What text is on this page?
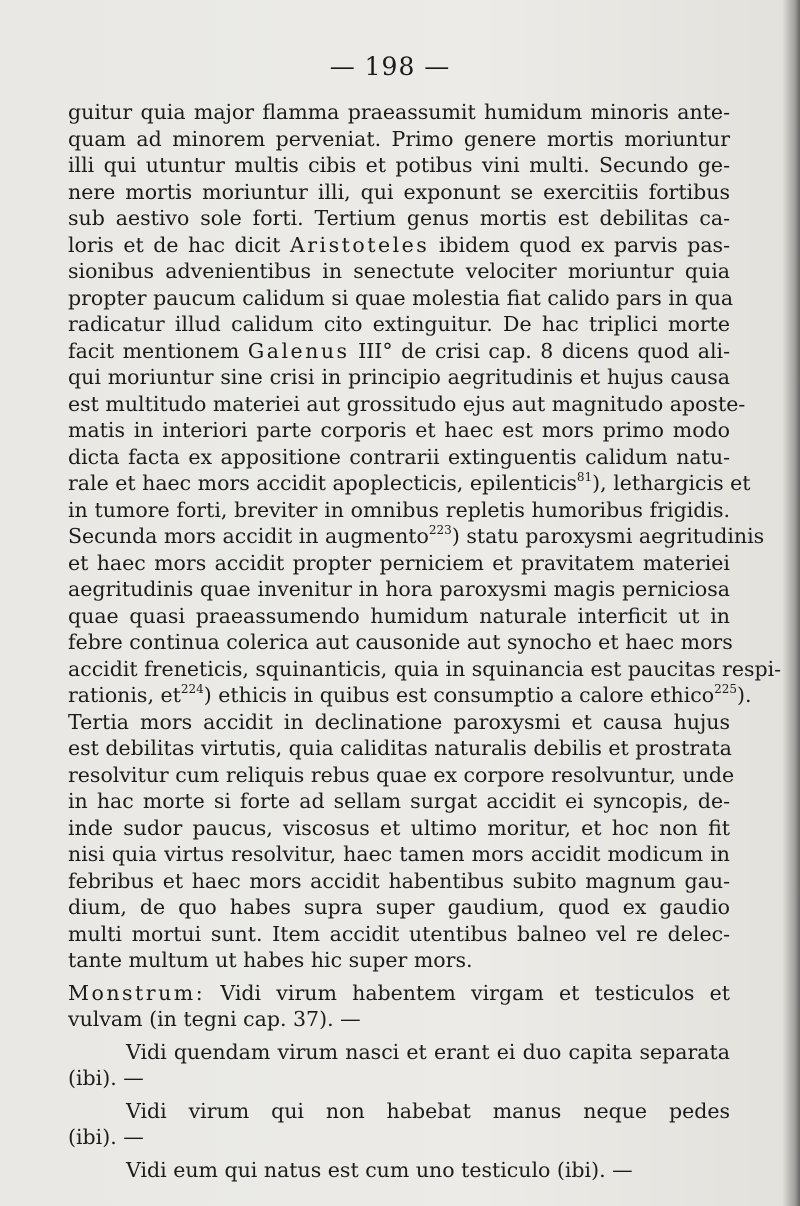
— 198 —
guitur quia major flamma praeassumit humidum minoris ante-
quam ad minorem perveniat. Primo genere mortis moriuntur
illi qui utuntur multis cibis et potibus vini multi. Secundo ge-
nere mortis moriuntur illi, qui exponunt se exercitiis fortibus
sub aestivo sole forti. Tertium genus mortis est debilitas ca-
loris et de hac dicit Aristoteles ibidem quod ex parvis pas-
sionibus advenientibus in senectute velociter moriuntur quia
propter paucum calidum si quae molestia fiat calido pars in qua
radicatur illud calidum cito extinguitur. De hac triplici morte
facit mentionem Galenus III° de crisi cap. 8 dicens quod ali-
qui moriuntur sine crisi in principio aegritudinis et hujus causa
est multitudo materiei aut grossitudo ejus aut magnitudo aposte-
matis in interiori parte corporis et haec est mors primo modo
dicta facta ex appositione contrarii extinguentis calidum natu-
rale et haec mors accidit apoplecticis, epilenticis$^{81}$), lethargicis et
in tumore forti, breviter in omnibus repletis humoribus frigidis.
Secunda mors accidit in augmento$^{223}$) statu paroxysmi aegritudinis
et haec mors accidit propter perniciem et pravitatem materiei
aegritudinis quae invenitur in hora paroxysmi magis perniciosa
quae quasi praeassumendo humidum naturale interficit ut in
febre continua colerica aut causonide aut synocho et haec mors
accidit freneticis, squinanticis, quia in squinancia est paucitas respi-
rationis, $et^{224}$) ethicis in quibus est consumptio a calore ethico$^{225}$).
Tertia mors accidit in declinatione paroxysmi et causa hujus
est debilitas virtutis, quia caliditas naturalis debilis et prostrata
resolvitur cum reliquis rebus quae ex corpore resolvuntur, unde
in hac morte si forte ad sellam surgat accidit ei syncopis, de-
inde sudor paucus, viscosus et ultimo moritur, et hoc non fit
nisi quia virtus resolvitur, haec tamen mors accidit modicum in
febribus et haec mors accidit habentibus subito magnum gau-
dium, de quo habes supra super gaudium, quod ex gaudio
multi mortui sunt. Item accidit utentibus balneo vel re delec-
tante multum ut habes hic super mors.
Monstrum: Vidi virum habentem virgam et testiculos et
vulvam (in tegni cap. 37). —
Vidi quendam virum nasci et erant ei duo capita separata
(ibi). —
Vidi virum qui non habebat manus neque pedes
(ibi). —
Vidi eum qui natus est cum uno testiculo (ibi). —
